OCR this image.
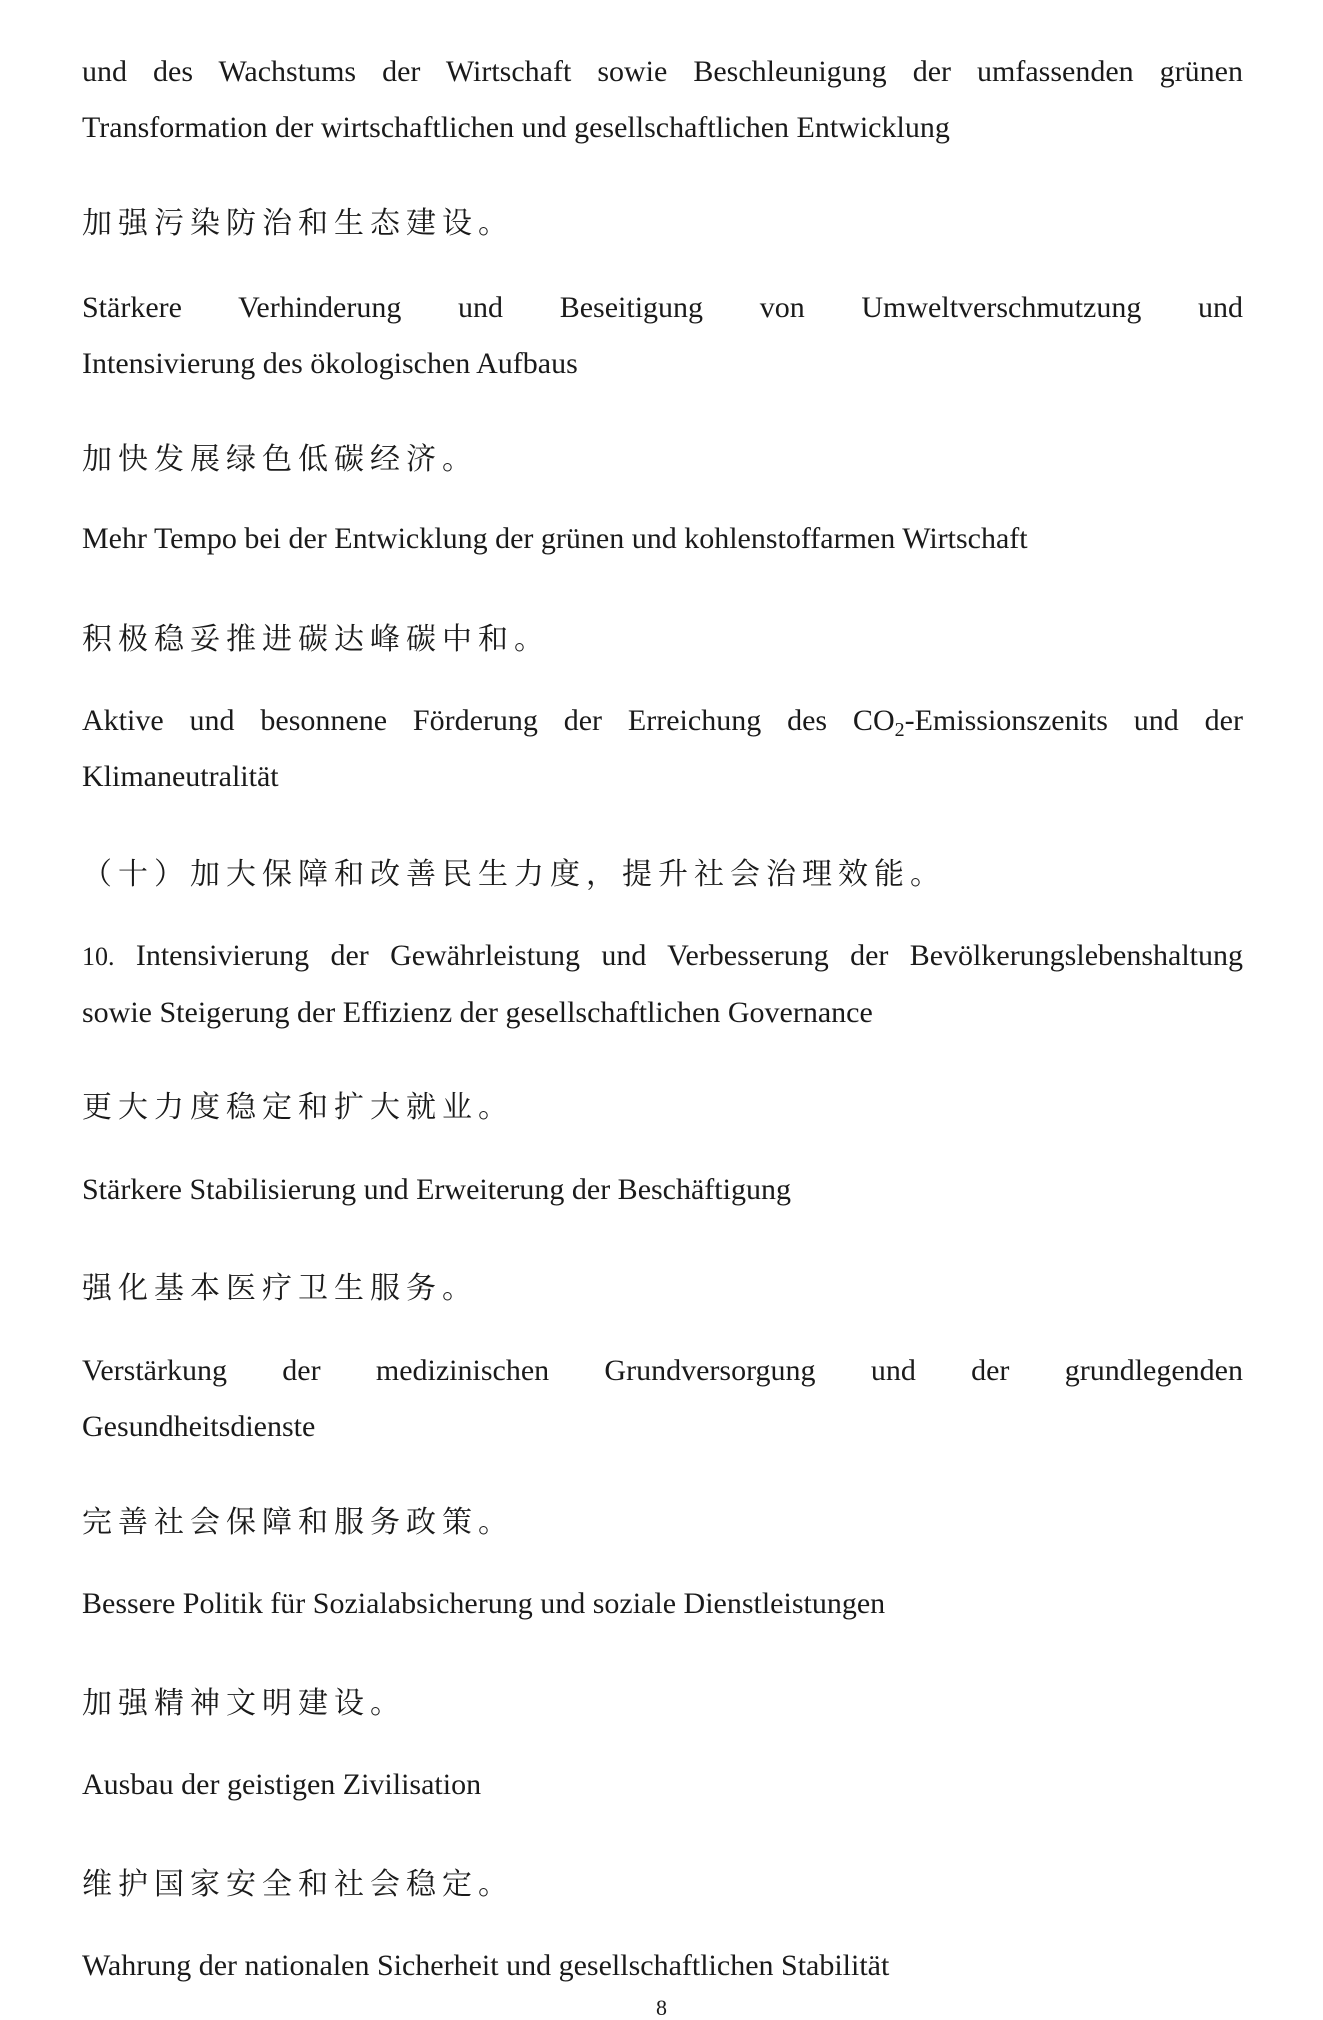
und des Wachstums der Wirtschaft sowie Beschleunigung der umfassenden grünen
Transformation der wirtschaftlichen und gesellschaftlichen Entwicklung
加强污染防治和生态建设。
Stärkere Verhinderung und Beseitigung von Umweltverschmutzung und
Intensivierung des ökologischen Aufbaus
加快发展绿色低碳经济。
Mehr Tempo bei der Entwicklung der grünen und kohlenstoffarmen Wirtschaft
积极稳妥推进碳达峰碳中和。
Aktive und besonnene Förderung der Erreichung des $CO_2$-Emissionszenits und der
Klimaneutralität
（十）加大保障和改善民生力度，提升社会治理效能。
10. Intensivierung der Gewährleistung und Verbesserung der Bevölkerungslebenshaltung
sowie Steigerung der Effizienz der gesellschaftlichen Governance
更大力度稳定和扩大就业。
Stärkere Stabilisierung und Erweiterung der Beschäftigung
强化基本医疗卫生服务。
Verstärkung der medizinischen Grundversorgung und der grundlegenden
Gesundheitsdienste
完善社会保障和服务政策。
Bessere Politik für Sozialabsicherung und soziale Dienstleistungen
加强精神文明建设。
Ausbau der geistigen Zivilisation
维护国家安全和社会稳定。
Wahrung der nationalen Sicherheit und gesellschaftlichen Stabilität
8
